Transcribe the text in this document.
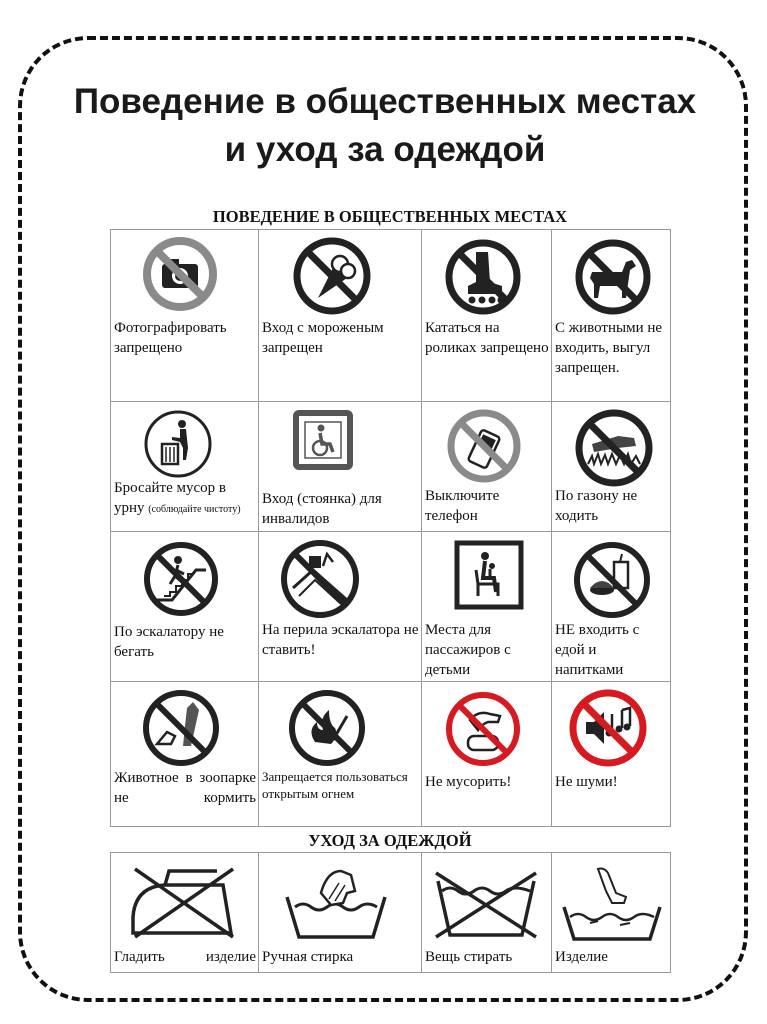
Поведение в общественных местах и уход за одеждой
ПОВЕДЕНИЕ В ОБЩЕСТВЕННЫХ МЕСТАХ
Фотографировать запрещено	Вход с мороженым запрещен	Кататься на роликах запрещено	С животными не входить, выгул запрещен.

Бросайте мусор в урну (соблюдайте чистоту)	Вход (стоянка) для инвалидов	Выключите телефон	По газону не ходить

По эскалатору не бегать	На перила эскалатора не ставить!	Места для пассажиров с детьми	НЕ входить с едой и напитками

Животное в зоопарке не кормить	Запрещается пользоваться открытым огнем	Не мусорить!	Не шуми!
УХОД ЗА ОДЕЖДОЙ
Гладить изделие	Ручная стирка	Вещь стирать	Изделие
